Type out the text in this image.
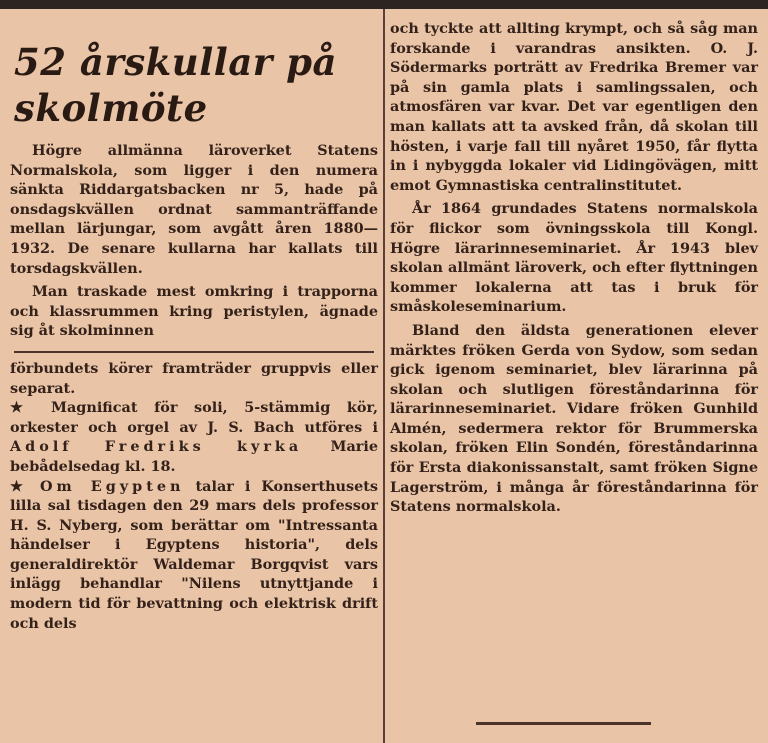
52 årskullar på skolmöte

Högre allmänna läroverket Statens Normalskola, som ligger i den numera sänkta Riddargatsbacken nr 5, hade på onsdagskvällen ordnat sammanträffande mellan lärjungar, som avgått åren 1880—1932. De senare kullarna har kallats till torsdagskvällen.

Man traskade mest omkring i trapporna och klassrummen kring peristylen, ägnade sig åt skolminnen

förbundets körer framträder gruppvis eller separat.

★ Magnificat för soli, 5-stämmig kör, orkester och orgel av J. S. Bach utföres i Adolf Fredriks kyrka Marie bebådelsedag kl. 18.

★ Om Egypten talar i Konserthusets lilla sal tisdagen den 29 mars dels professor H. S. Nyberg, som berättar om "Intressanta händelser i Egyptens historia", dels generaldirektör Waldemar Borgqvist vars inlägg behandlar "Nilens utnyttjande i modern tid för bevattning och elektrisk drift och dels

och tyckte att allting krympt, och så såg man forskande i varandras ansikten. O. J. Södermarks porträtt av Fredrika Bremer var på sin gamla plats i samlingssalen, och atmosfären var kvar. Det var egentligen den man kallats att ta avsked från, då skolan till hösten, i varje fall till nyåret 1950, får flytta in i nybyggda lokaler vid Lidingövägen, mitt emot Gymnastiska centralinstitutet.

År 1864 grundades Statens normalskola för flickor som övningsskola till Kongl. Högre lärarinneseminariet. År 1943 blev skolan allmänt läroverk, och efter flyttningen kommer lokalerna att tas i bruk för småskoleseminarium.

Bland den äldsta generationen elever märktes fröken Gerda von Sydow, som sedan gick igenom seminariet, blev lärarinna på skolan och slutligen föreståndarinna för lärarinneseminariet. Vidare fröken Gunhild Almén, sedermera rektor för Brummerska skolan, fröken Elin Sondén, föreståndarinna för Ersta diakonissanstalt, samt fröken Signe Lagerström, i många år föreståndarinna för Statens normalskola.
